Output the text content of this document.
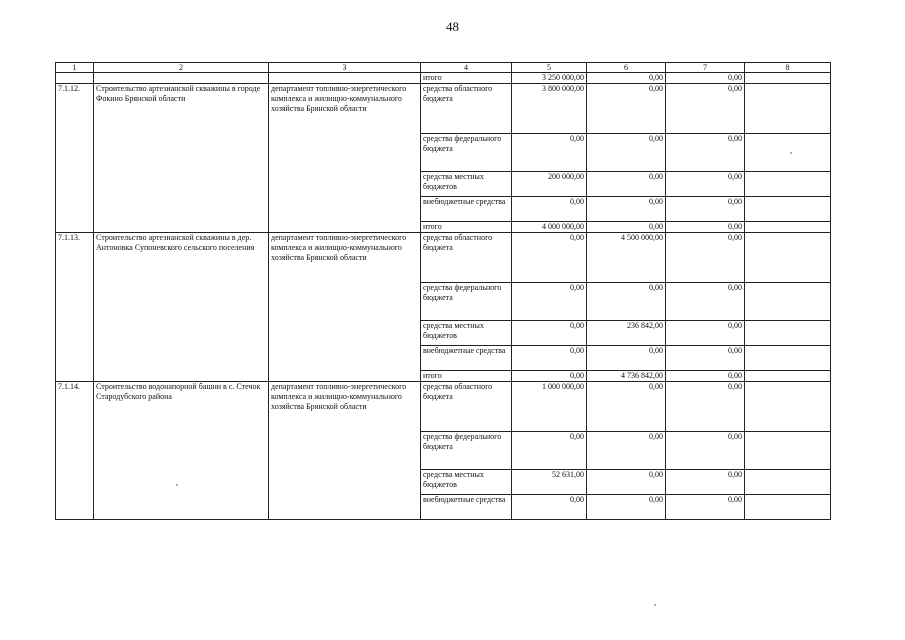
48
1	2	3	4	5	6	7	8
			итого	3 250 000,00	0,00	0,00	
7.1.12.	Строительство артезианской скважины в городе Фокино Брянской области	департамент топливно-энергетического комплекса и жилищно-коммунального хозяйства Брянской области	средства областного бюджета	3 800 000,00	0,00	0,00	
			средства федерального бюджета	0,00	0,00	0,00	
			средства местных бюджетов	200 000,00	0,00	0,00	
			внебюджетные средства	0,00	0,00	0,00	
			итого	4 000 000,00	0,00	0,00	
7.1.13.	Строительство артезианской скважины в дер. Антоновка Супоневского сельского поселения	департамент топливно-энергетического комплекса и жилищно-коммунального хозяйства Брянской области	средства областного бюджета	0,00	4 500 000,00	0,00	
			средства федерального бюджета	0,00	0,00	0,00	
			средства местных бюджетов	0,00	236 842,00	0,00	
			внебюджетные средства	0,00	0,00	0,00	
			итого	0,00	4 736 842,00	0,00	
7.1.14.	Строительство водонапорной башни в с. Стечок Стародубского района	департамент топливно-энергетического комплекса и жилищно-коммунального хозяйства Брянской области	средства областного бюджета	1 000 000,00	0,00	0,00	
			средства федерального бюджета	0,00	0,00	0,00	
			средства местных бюджетов	52 631,00	0,00	0,00	
			внебюджетные средства	0,00	0,00	0,00	
